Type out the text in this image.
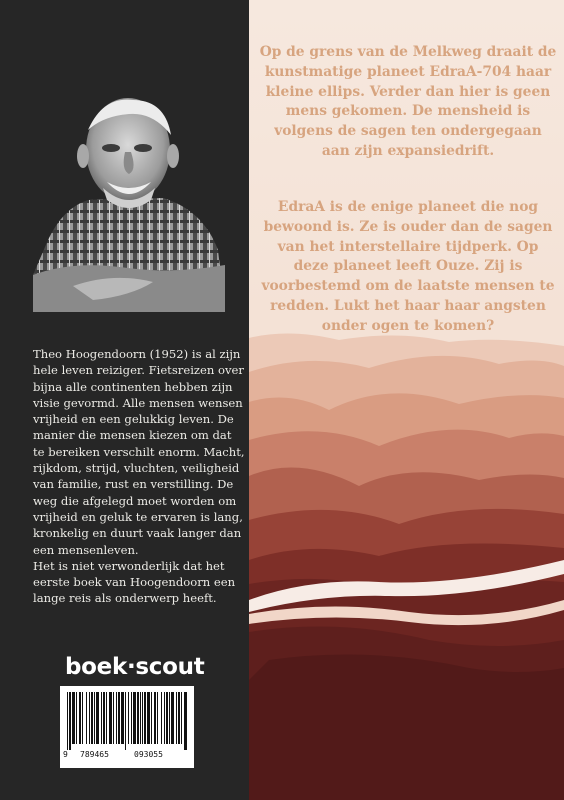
Theo Hoogendoorn (1952) is al zijn hele leven reiziger. Fietsreizen over bijna alle continenten hebben zijn visie gevormd. Alle mensen wensen vrijheid en een gelukkig leven. De manier die mensen kiezen om dat te bereiken verschilt enorm. Macht, rijkdom, strijd, vluchten, veiligheid van familie, rust en verstilling. De weg die afgelegd moet worden om vrijheid en geluk te ervaren is lang, kronkelig en duurt vaak langer dan een mensenleven.

Het is niet verwonderlijk dat het eerste boek van Hoogendoorn een lange reis als onderwerp heeft.

boek·scout
9 789465	093055

Op de grens van de Melkweg draait de kunstmatige planeet EdraA-704 haar kleine ellips. Verder dan hier is geen mens gekomen. De mensheid is volgens de sagen ten ondergegaan aan zijn expansiedrift.

EdraA is de enige planeet die nog bewoond is. Ze is ouder dan de sagen van het interstellaire tijdperk. Op deze planeet leeft Ouze. Zij is voorbestemd om de laatste mensen te redden. Lukt het haar haar angsten onder ogen te komen?
